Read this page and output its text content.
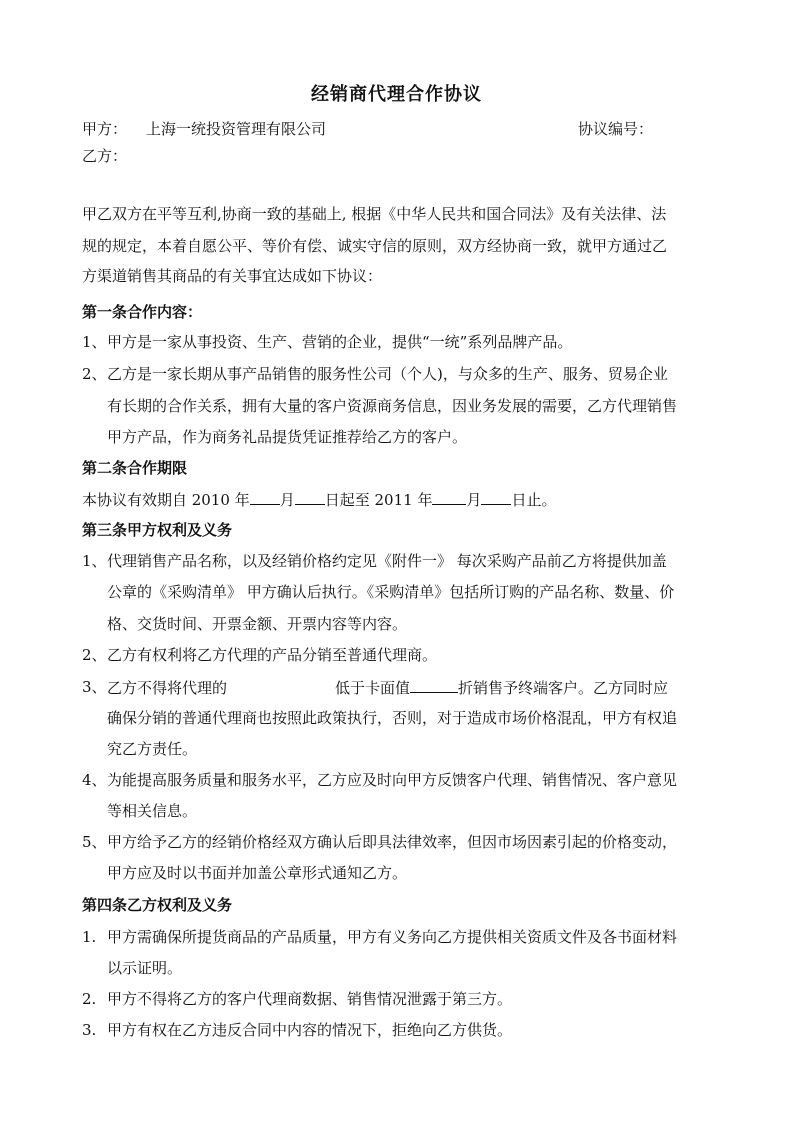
经销商代理合作协议
甲方： 上海一统投资管理有限公司	协议编号：
乙方：
甲乙双方在平等互利,协商一致的基础上, 根据《中华人民共和国合同法》及有关法律、法
规的规定，本着自愿公平、等价有偿、诚实守信的原则，双方经协商一致，就甲方通过乙
方渠道销售其商品的有关事宜达成如下协议：
第一条合作内容：
1、 甲方是一家从事投资、生产、营销的企业，提供“一统”系列品牌产品。
2、 乙方是一家长期从事产品销售的服务性公司（个人)，与众多的生产、服务、贸易企业
有长期的合作关系，拥有大量的客户资源商务信息，因业务发展的需要，乙方代理销售
甲方产品，作为商务礼品提货凭证推荐给乙方的客户。
第二条合作期限
本协议有效期自 2010 年 月 日起至 2011 年 月 日止。
第三条甲方权利及义务
1、 代理销售产品名称，以及经销价格约定见《附件一》 每次采购产品前乙方将提供加盖
公章的《采购清单》 甲方确认后执行。《采购清单》包括所订购的产品名称、数量、价
格、交货时间、开票金额、开票内容等内容。
2、 乙方有权利将乙方代理的产品分销至普通代理商。
3、 乙方不得将代理的	低于卡面值	折销售予终端客户。乙方同时应
确保分销的普通代理商也按照此政策执行，否则，对于造成市场价格混乱，甲方有权追
究乙方责任。
4、 为能提高服务质量和服务水平，乙方应及时向甲方反馈客户代理、销售情况、客户意见
等相关信息。
5、 甲方给予乙方的经销价格经双方确认后即具法律效率，但因市场因素引起的价格变动，
甲方应及时以书面并加盖公章形式通知乙方。
第四条乙方权利及义务
1. 甲方需确保所提货商品的产品质量，甲方有义务向乙方提供相关资质文件及各书面材料
以示证明。
2. 甲方不得将乙方的客户代理商数据、销售情况泄露于第三方。
3. 甲方有权在乙方违反合同中内容的情况下，拒绝向乙方供货。
